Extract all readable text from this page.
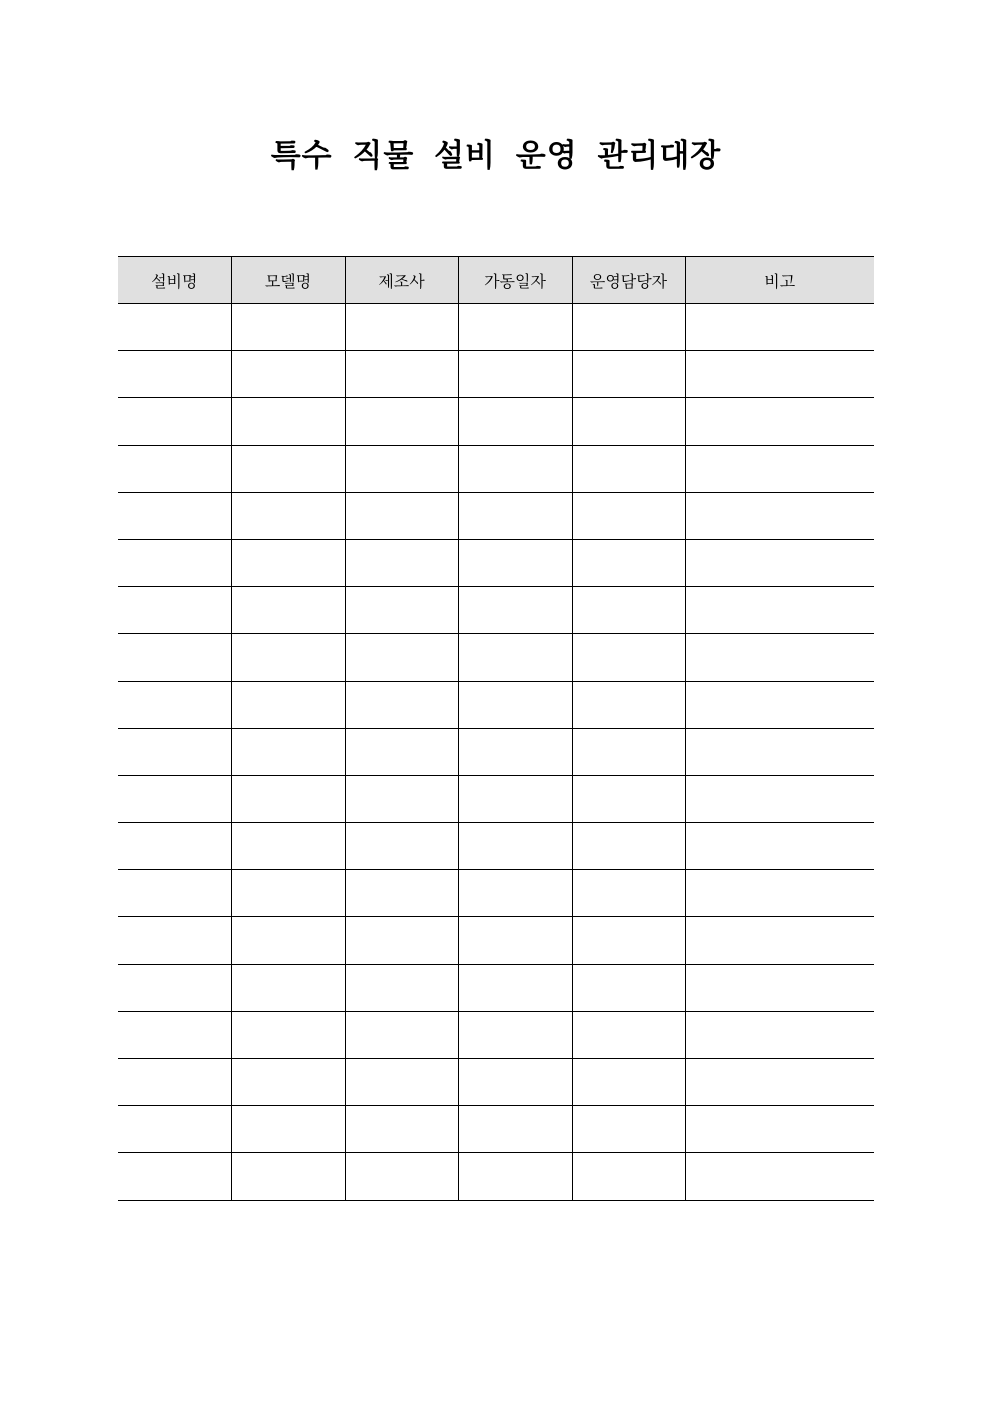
특수 직물 설비 운영 관리대장
설비명	모델명	제조사	가동일자	운영담당자	비고
